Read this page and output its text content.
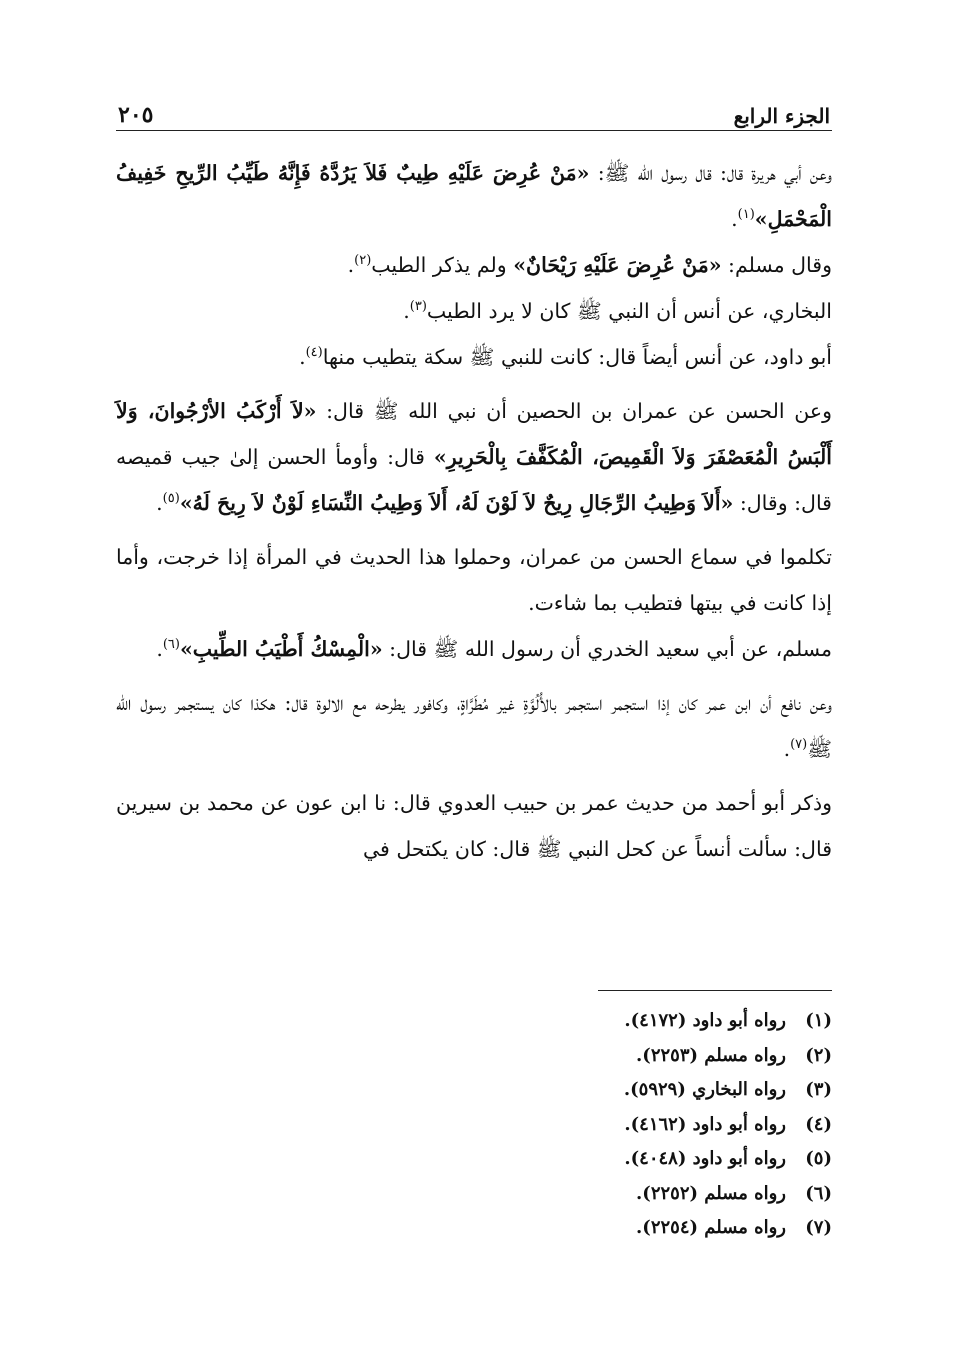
الجزء الرابع
٢٠٥

وعن أبي هريرة قال: قال رسول الله ﷺ: «مَنْ عُرِضَ عَلَيْهِ طِيبٌ فَلاَ يَرُدَّهُ فَإِنَّهُ طَيِّبُ الرِّيحِ خَفِيفُ الْمَحْمَلِ»$^{(١)}$.

وقال مسلم: «مَنْ عُرِضَ عَلَيْهِ رَيْحَانٌ» ولم يذكر الطيب$^{(٢)}$.

البخاري، عن أنس أن النبي ﷺ كان لا يرد الطيب$^{(٣)}$.

أبو داود، عن أنس أيضاً قال: كانت للنبي ﷺ سكة يتطيب منها$^{(٤)}$.

وعن الحسن عن عمران بن الحصين أن نبي الله ﷺ قال: «لاَ أَرْكَبُ الأرْجُوانَ، وَلاَ أَلْبَسُ الْمُعَصْفَرَ وَلاَ الْقَمِيصَ، الْمُكَفَّفَ بِالْحَرِيرِ» قال: وأومأ الحسن إلىٰ جيب قميصه قال: وقال: «أَلاَ وَطِيبُ الرِّجَالِ رِيحٌ لاَ لَوْنَ لَهُ، أَلاَ وَطِيبُ النِّسَاءِ لَوْنٌ لاَ رِيحَ لَهُ»$^{(٥)}$.

تكلموا في سماع الحسن من عمران، وحملوا هذا الحديث في المرأة إذا خرجت، وأما إذا كانت في بيتها فتطيب بما شاءت.

مسلم، عن أبي سعيد الخدري أن رسول الله ﷺ قال: «الْمِسْكُ أَطْيَبُ الطِّيبِ»$^{(٦)}$.

وعن نافع أن ابن عمر كان إذا استجمر استجمر بالأُلُوَّةِ غير مُطَرَّاةٍ، وكافور يطرحه مع الالوة قال: هكذا كان يستجمر رسول الله ﷺ$^{(٧)}$.

وذكر أبو أحمد من حديث عمر بن حبيب العدوي قال: نا ابن عون عن محمد بن سيرين قال: سألت أنساً عن كحل النبي ﷺ قال: كان يكتحل في

(١)
رواه أبو داود (٤١٧٢).
(٢)
رواه مسلم (٢٢٥٣).
(٣)
رواه البخاري (٥٩٢٩).
(٤)
رواه أبو داود (٤١٦٢).
(٥)
رواه أبو داود (٤٠٤٨).
(٦)
رواه مسلم (٢٢٥٢).
(٧)
رواه مسلم (٢٢٥٤).
